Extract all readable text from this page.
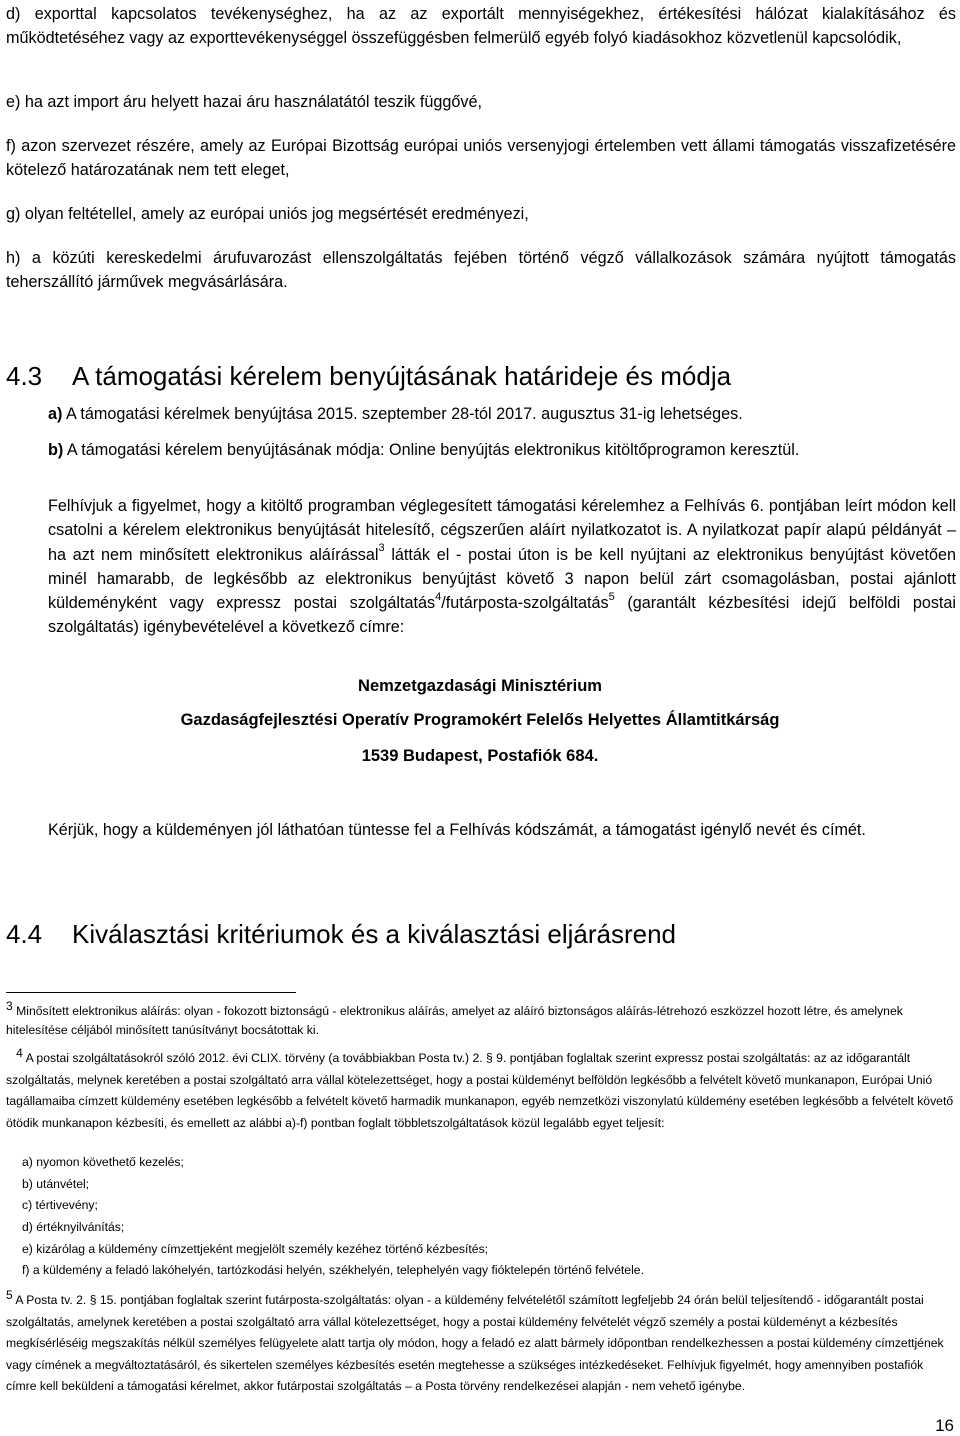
d) exporttal kapcsolatos tevékenységhez, ha az az exportált mennyiségekhez, értékesítési hálózat kialakításához és működtetéséhez vagy az exporttevékenységgel összefüggésben felmerülő egyéb folyó kiadásokhoz közvetlenül kapcsolódik,
e) ha azt import áru helyett hazai áru használatától teszik függővé,
f) azon szervezet részére, amely az Európai Bizottság európai uniós versenyjogi értelemben vett állami támogatás visszafizetésére kötelező határozatának nem tett eleget,
g) olyan feltétellel, amely az európai uniós jog megsértését eredményezi,
h) a közúti kereskedelmi árufuvarozást ellenszolgáltatás fejében történő végző vállalkozások számára nyújtott támogatás teherszállító járművek megvásárlására.
4.3 A támogatási kérelem benyújtásának határideje és módja
a) A támogatási kérelmek benyújtása 2015. szeptember 28-tól 2017. augusztus 31-ig lehetséges.
b) A támogatási kérelem benyújtásának módja: Online benyújtás elektronikus kitöltőprogramon keresztül.
Felhívjuk a figyelmet, hogy a kitöltő programban véglegesített támogatási kérelemhez a Felhívás 6. pontjában leírt módon kell csatolni a kérelem elektronikus benyújtását hitelesítő, cégszerűen aláírt nyilatkozatot is. A nyilatkozat papír alapú példányát – ha azt nem minősített elektronikus aláírással$^3$ látták el - postai úton is be kell nyújtani az elektronikus benyújtást követően minél hamarabb, de legkésőbb az elektronikus benyújtást követő 3 napon belül zárt csomagolásban, postai ajánlott küldeményként vagy expressz postai szolgáltatás$^4$/futárposta-szolgáltatás$^5$ (garantált kézbesítési idejű belföldi postai szolgáltatás) igénybevételével a következő címre:
Nemzetgazdasági Minisztérium
Gazdaságfejlesztési Operatív Programokért Felelős Helyettes Államtitkárság
1539 Budapest, Postafiók 684.
Kérjük, hogy a küldeményen jól láthatóan tüntesse fel a Felhívás kódszámát, a támogatást igénylő nevét és címét.
4.4 Kiválasztási kritériumok és a kiválasztási eljárásrend
3 Minősített elektronikus aláírás: olyan - fokozott biztonságú - elektronikus aláírás, amelyet az aláíró biztonságos aláírás-létrehozó eszközzel hozott létre, és amelynek hitelesítése céljából minősített tanúsítványt bocsátottak ki.
4 A postai szolgáltatásokról szóló 2012. évi CLIX. törvény (a továbbiakban Posta tv.) 2. § 9. pontjában foglaltak szerint expressz postai szolgáltatás: az az időgarantált szolgáltatás, melynek keretében a postai szolgáltató arra vállal kötelezettséget, hogy a postai küldeményt belföldön legkésőbb a felvételt követő munkanapon, Európai Unió tagállamaiba címzett küldemény esetében legkésőbb a felvételt követő harmadik munkanapon, egyéb nemzetközi viszonylatú küldemény esetében legkésőbb a felvételt követő ötödik munkanapon kézbesíti, és emellett az alábbi a)-f) pontban foglalt többletszolgáltatások közül legalább egyet teljesít:
a) nyomon követhető kezelés;
b) utánvétel;
c) tértivevény;
d) értéknyilvánítás;
e) kizárólag a küldemény címzettjeként megjelölt személy kezéhez történő kézbesítés;
f) a küldemény a feladó lakóhelyén, tartózkodási helyén, székhelyén, telephelyén vagy fióktelepén történő felvétele.
5 A Posta tv. 2. § 15. pontjában foglaltak szerint futárposta-szolgáltatás: olyan - a küldemény felvételétől számított legfeljebb 24 órán belül teljesítendő - időgarantált postai szolgáltatás, amelynek keretében a postai szolgáltató arra vállal kötelezettséget, hogy a postai küldemény felvételét végző személy a postai küldeményt a kézbesítés megkísérléséig megszakítás nélkül személyes felügyelete alatt tartja oly módon, hogy a feladó ez alatt bármely időpontban rendelkezhessen a postai küldemény címzettjének vagy címének a megváltoztatásáról, és sikertelen személyes kézbesítés esetén megtehesse a szükséges intézkedéseket. Felhívjuk figyelmét, hogy amennyiben postafiók címre kell beküldeni a támogatási kérelmet, akkor futárpostai szolgáltatás – a Posta törvény rendelkezései alapján - nem vehető igénybe.
16
